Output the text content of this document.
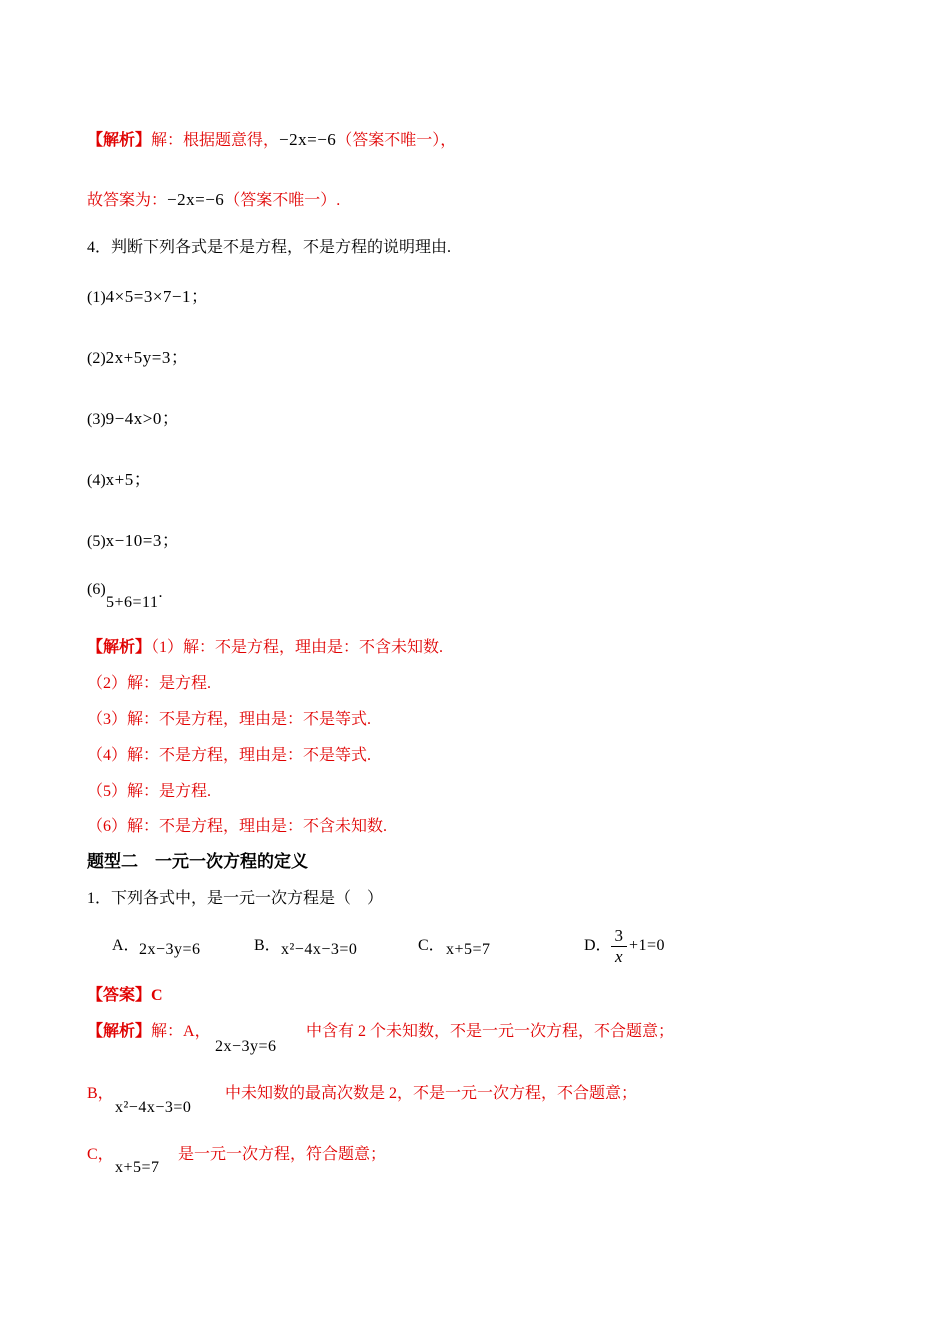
【解析】解：根据题意得，−2x=−6（答案不唯一），
故答案为：−2x=−6（答案不唯一）.
4．判断下列各式是不是方程，不是方程的说明理由.
(1)4×5=3×7−1；
(2)2x+5y=3；
(3)9−4x>0；
(4)x+5；
(5)x−10=3；
(6)
5+6=11.
【解析】（1）解：不是方程，理由是：不含未知数.
（2）解：是方程.
（3）解：不是方程，理由是：不是等式.
（4）解：不是方程，理由是：不是等式.
（5）解：是方程.
（6）解：不是方程，理由是：不含未知数.
题型二　一元一次方程的定义
1．下列各式中，是一元一次方程是（　）
A． 2x−3y=6	B． x²−4x−3=0	C． x+5=7	D． $\frac{3}{x} +1=0$
【答案】C
【解析】解：A，
2x−3y=6
中含有 2 个未知数，不是一元一次方程，不合题意；
B，
x²−4x−3=0
中未知数的最高次数是 2，不是一元一次方程，不合题意；
C，
x+5=7
是一元一次方程，符合题意；
